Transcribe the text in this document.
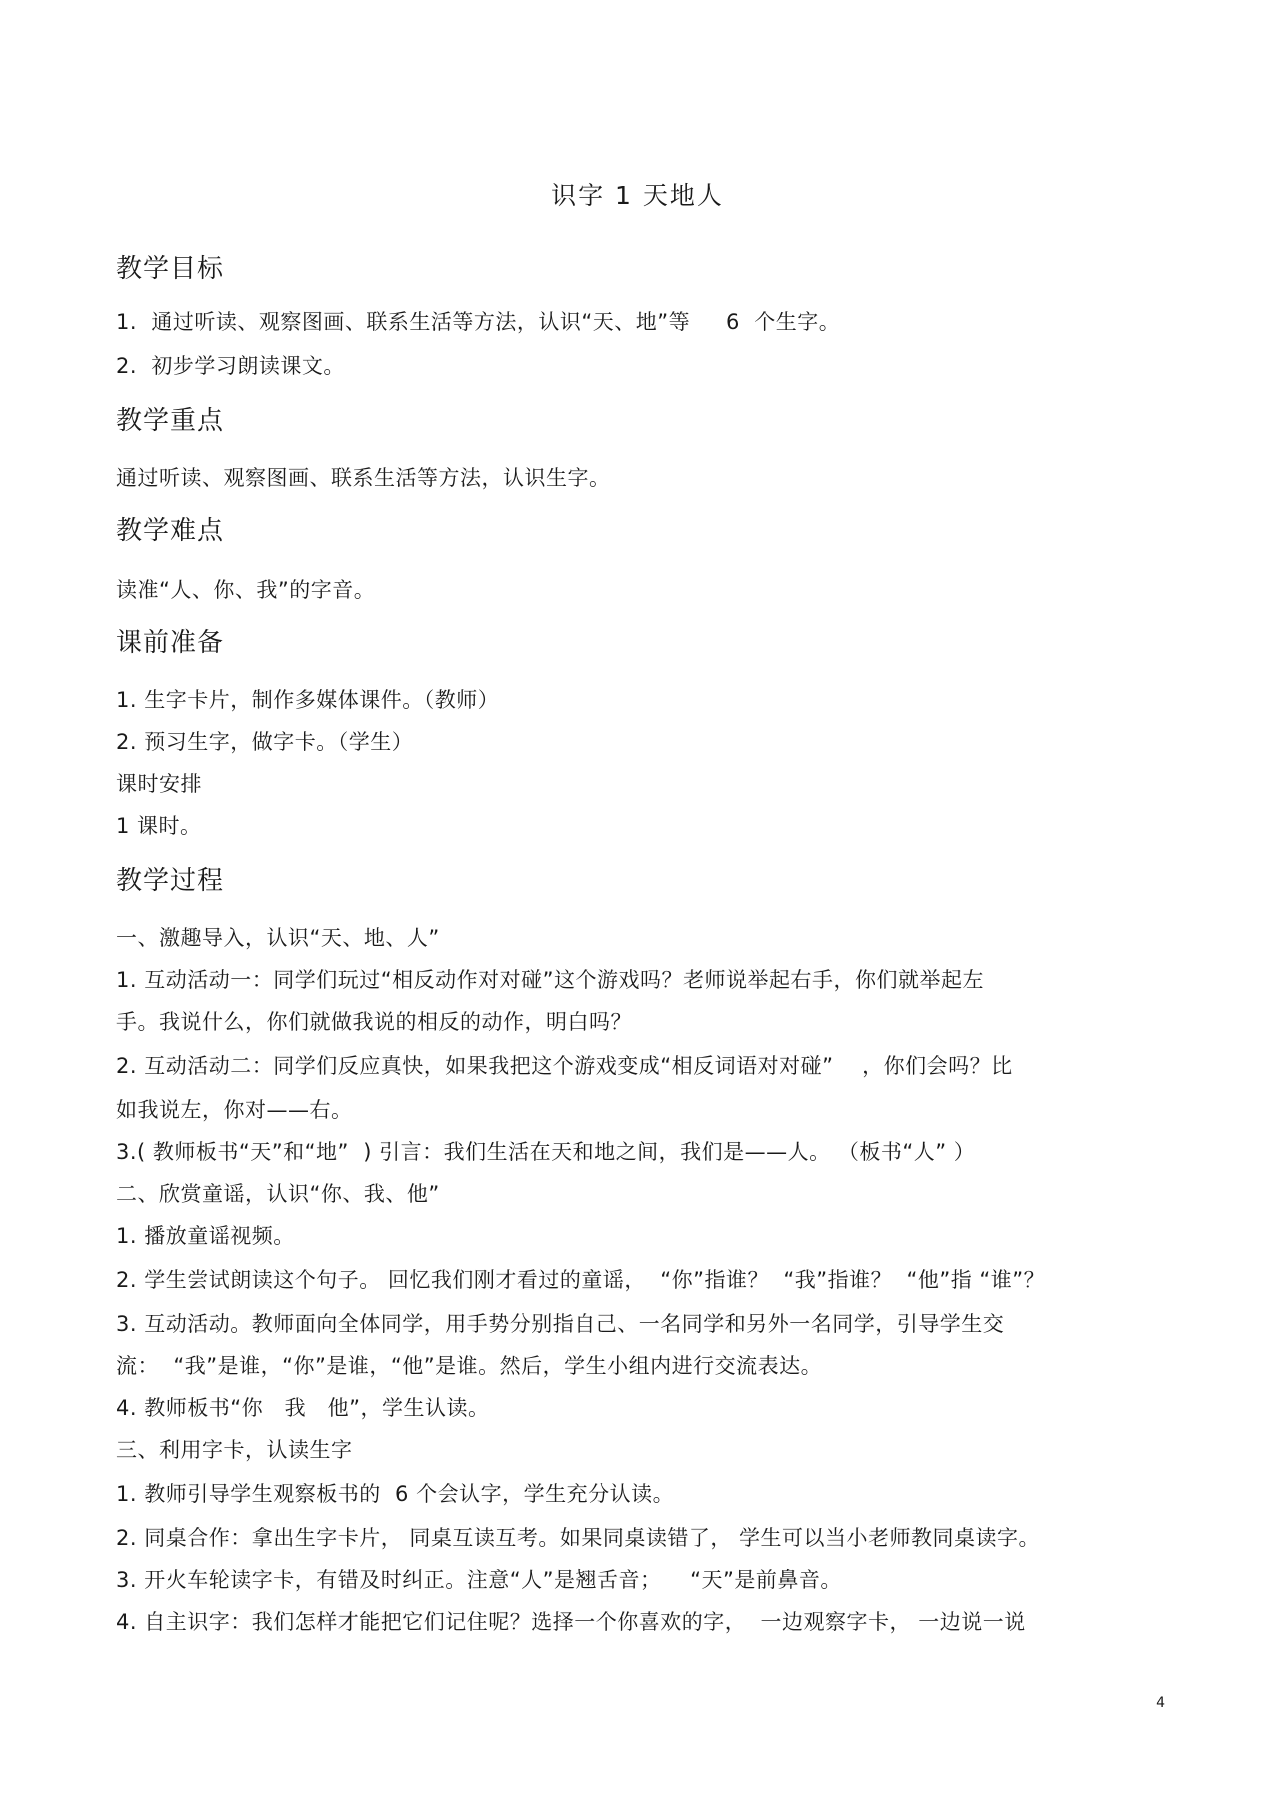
识字 1 天地人
教学目标
1.  通过听读、观察图画、联系生活等方法，认识“天、地”等     6  个生字。
2.  初步学习朗读课文。
教学重点
通过听读、观察图画、联系生活等方法，认识生字。
教学难点
读准“人、你、我”的字音。
课前准备
1. 生字卡片，制作多媒体课件。（教师）
2. 预习生字，做字卡。（学生）
课时安排
1 课时。
教学过程
一、激趣导入，认识“天、地、人”
1. 互动活动一：同学们玩过“相反动作对对碰”这个游戏吗？老师说举起右手，你们就举起左
手。我说什么，你们就做我说的相反的动作，明白吗？
2. 互动活动二：同学们反应真快，如果我把这个游戏变成“相反词语对对碰”    ，你们会吗？比
如我说左，你对——右。
3.( 教师板书“天”和“地”  ) 引言：我们生活在天和地之间，我们是——人。 （板书“人” ）
二、欣赏童谣，认识“你、我、他”
1. 播放童谣视频。
2. 学生尝试朗读这个句子。 回忆我们刚才看过的童谣，  “你”指谁？  “我”指谁？  “他”指 “谁”？
3. 互动活动。教师面向全体同学，用手势分别指自己、一名同学和另外一名同学，引导学生交
流：  “我”是谁，“你”是谁，“他”是谁。然后，学生小组内进行交流表达。
4. 教师板书“你   我   他”，学生认读。
三、利用字卡，认读生字
1. 教师引导学生观察板书的  6 个会认字，学生充分认读。
2. 同桌合作：拿出生字卡片， 同桌互读互考。如果同桌读错了， 学生可以当小老师教同桌读字。
3. 开火车轮读字卡，有错及时纠正。注意“人”是翘舌音；    “天”是前鼻音。
4. 自主识字：我们怎样才能把它们记住呢？选择一个你喜欢的字，  一边观察字卡， 一边说一说
4
